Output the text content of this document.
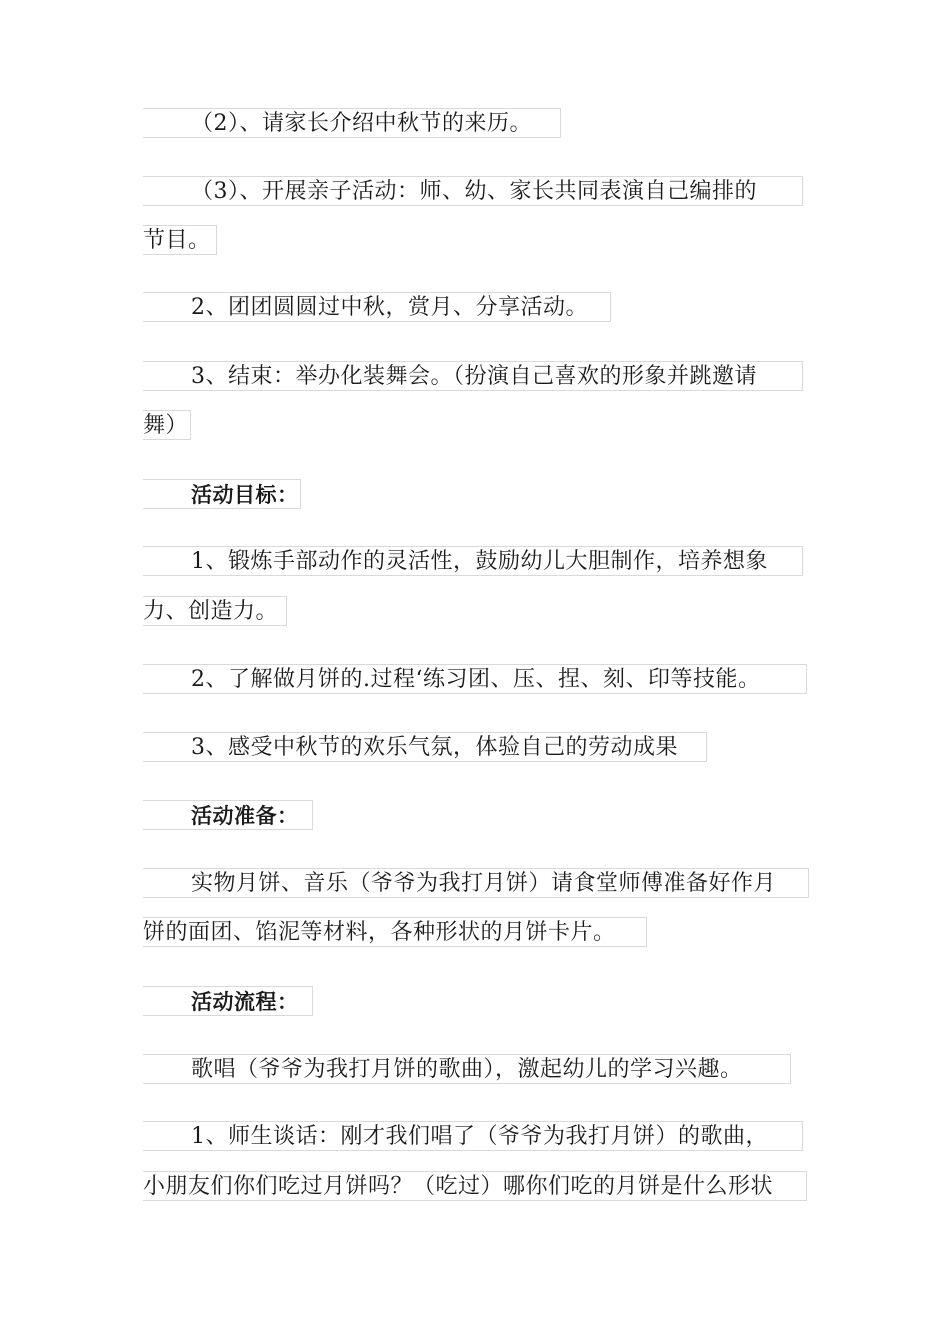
（2）、请家长介绍中秋节的来历。
（3）、开展亲子活动：师、幼、家长共同表演自己编排的
节目。
2、团团圆圆过中秋，赏月、分享活动。
3、结束：举办化装舞会。（扮演自己喜欢的形象并跳邀请
舞）
活动目标：
1、锻炼手部动作的灵活性，鼓励幼儿大胆制作，培养想象
力、创造力。
2、了解做月饼的.过程‘练习团、压、捏、刻、印等技能。
3、感受中秋节的欢乐气氛，体验自己的劳动成果
活动准备：
实物月饼、音乐（爷爷为我打月饼）请食堂师傅准备好作月
饼的面团、馅泥等材料，各种形状的月饼卡片。
活动流程：
歌唱（爷爷为我打月饼的歌曲），激起幼儿的学习兴趣。
1、师生谈话：刚才我们唱了（爷爷为我打月饼）的歌曲，
小朋友们你们吃过月饼吗？（吃过）哪你们吃的月饼是什么形状
